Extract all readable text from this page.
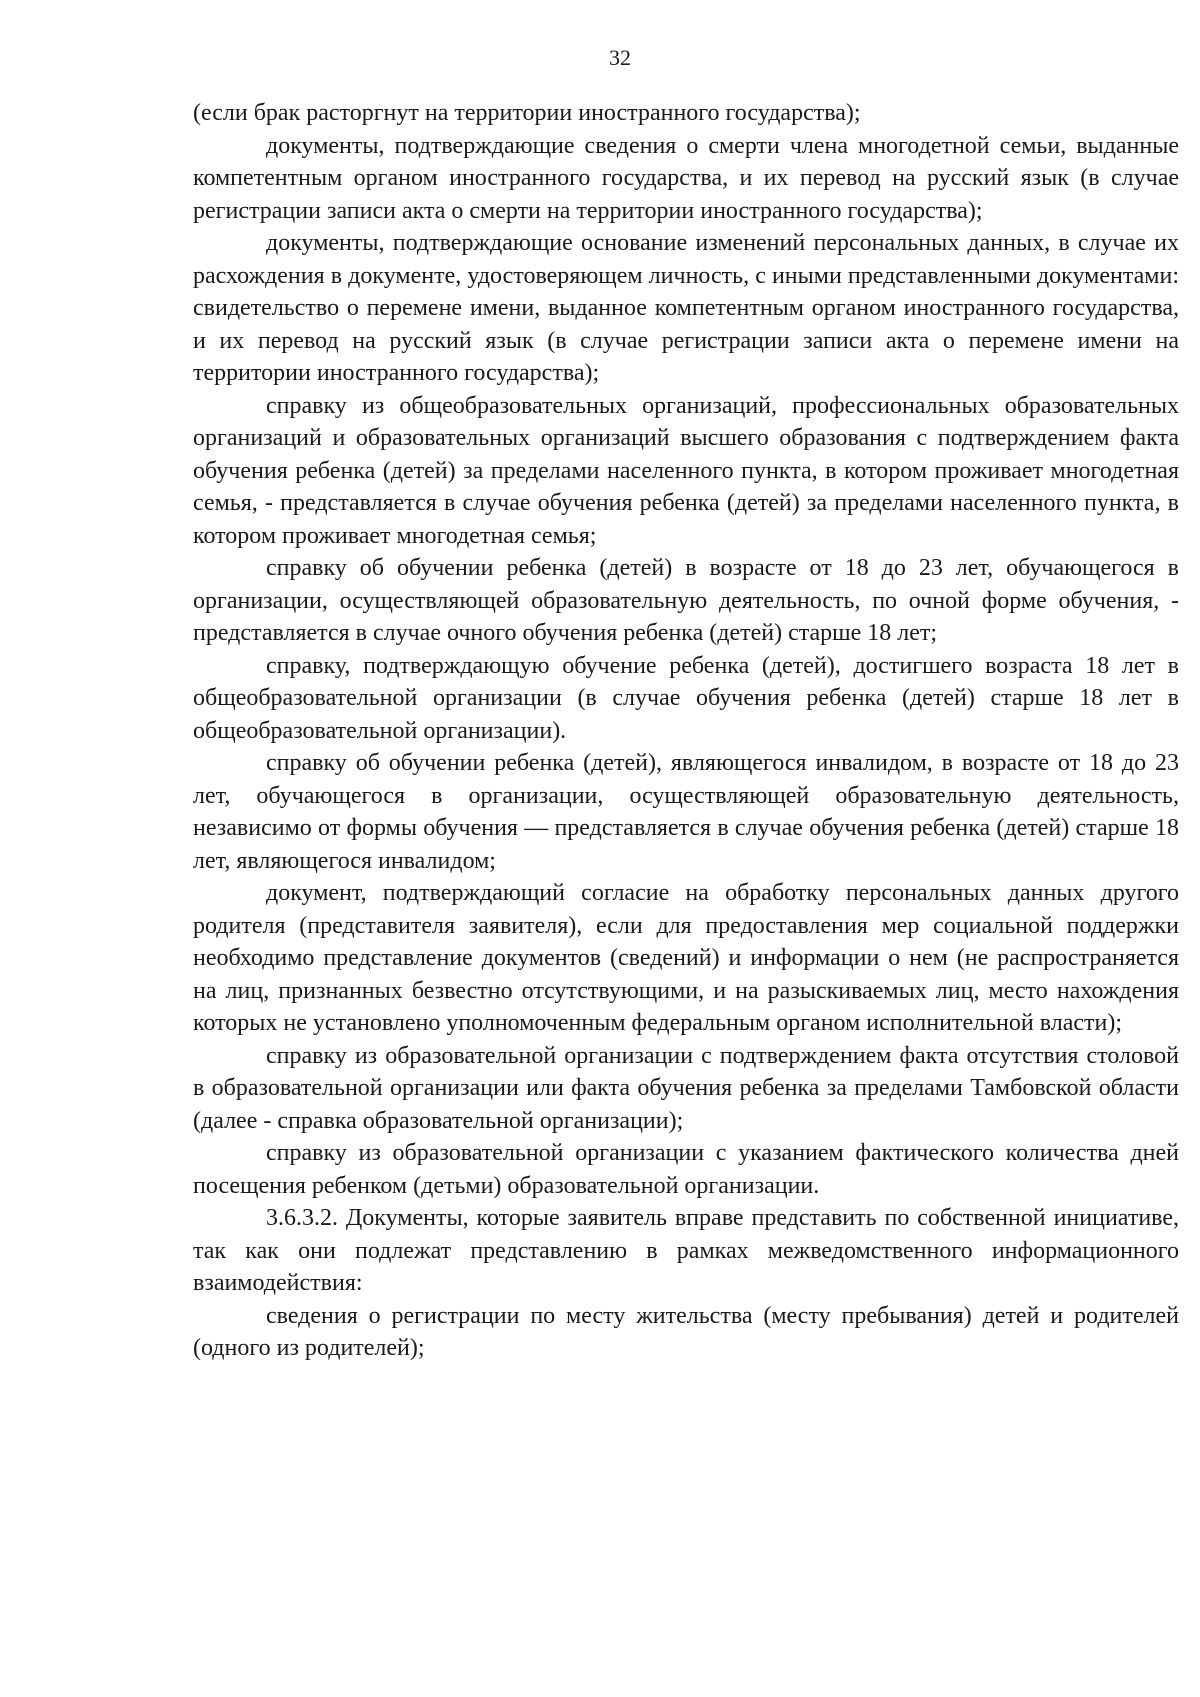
32

(если брак расторгнут на территории иностранного государства);

документы, подтверждающие сведения о смерти члена многодетной семьи, выданные компетентным органом иностранного государства, и их перевод на русский язык (в случае регистрации записи акта о смерти на территории иностранного государства);

документы, подтверждающие основание изменений персональных данных, в случае их расхождения в документе, удостоверяющем личность, с иными представленными документами: свидетельство о перемене имени, выданное компетентным органом иностранного государства, и их перевод на русский язык (в случае регистрации записи акта о перемене имени на территории иностранного государства);

справку из общеобразовательных организаций, профессиональных образовательных организаций и образовательных организаций высшего образования с подтверждением факта обучения ребенка (детей) за пределами населенного пункта, в котором проживает многодетная семья, - представляется в случае обучения ребенка (детей) за пределами населенного пункта, в котором проживает многодетная семья;

справку об обучении ребенка (детей) в возрасте от 18 до 23 лет, обучающегося в организации, осуществляющей образовательную деятельность, по очной форме обучения, - представляется в случае очного обучения ребенка (детей) старше 18 лет;

справку, подтверждающую обучение ребенка (детей), достигшего возраста 18 лет в общеобразовательной организации (в случае обучения ребенка (детей) старше 18 лет в общеобразовательной организации).

справку об обучении ребенка (детей), являющегося инвалидом, в возрасте от 18 до 23 лет, обучающегося в организации, осуществляющей образовательную деятельность, независимо от формы обучения — представляется в случае обучения ребенка (детей) старше 18 лет, являющегося инвалидом;

документ, подтверждающий согласие на обработку персональных данных другого родителя (представителя заявителя), если для предоставления мер социальной поддержки необходимо представление документов (сведений) и информации о нем (не распространяется на лиц, признанных безвестно отсутствующими, и на разыскиваемых лиц, место нахождения которых не установлено уполномоченным федеральным органом исполнительной власти);

справку из образовательной организации с подтверждением факта отсутствия столовой в образовательной организации или факта обучения ребенка за пределами Тамбовской области (далее - справка образовательной организации);

справку из образовательной организации с указанием фактического количества дней посещения ребенком (детьми) образовательной организации.

3.6.3.2. Документы, которые заявитель вправе представить по собственной инициативе, так как они подлежат представлению в рамках межведомственного информационного взаимодействия:

сведения о регистрации по месту жительства (месту пребывания) детей и родителей (одного из родителей);
